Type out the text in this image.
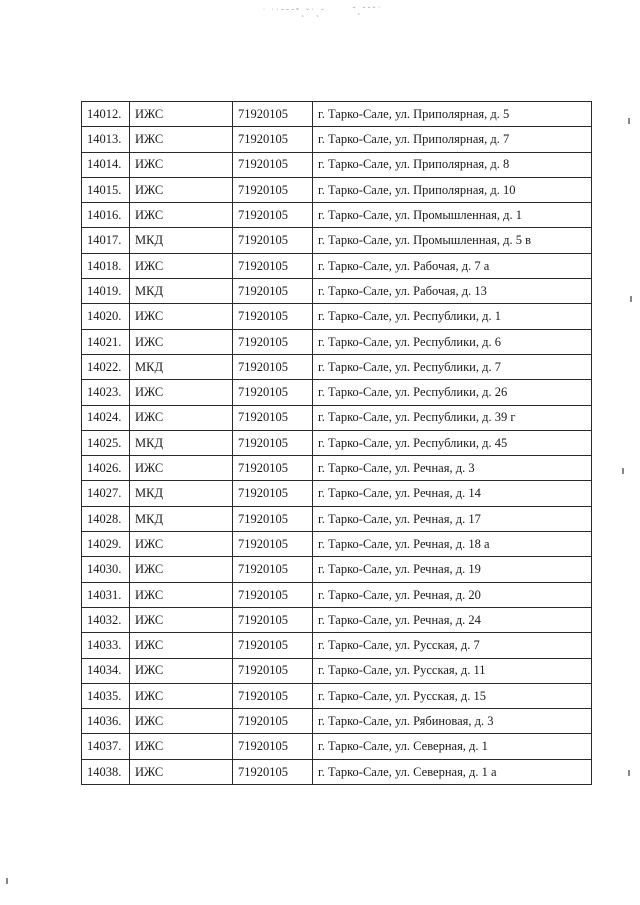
˙ ˙˙˘˜˘˚˛ˇ˙˛˘	˘˛˘˘ˇ˙
14012.	ИЖС	71920105	г. Тарко-Сале, ул. Приполярная, д. 5
14013.	ИЖС	71920105	г. Тарко-Сале, ул. Приполярная, д. 7
14014.	ИЖС	71920105	г. Тарко-Сале, ул. Приполярная, д. 8
14015.	ИЖС	71920105	г. Тарко-Сале, ул. Приполярная, д. 10
14016.	ИЖС	71920105	г. Тарко-Сале, ул. Промышленная, д. 1
14017.	МКД	71920105	г. Тарко-Сале, ул. Промышленная, д. 5 в
14018.	ИЖС	71920105	г. Тарко-Сале, ул. Рабочая, д. 7 а
14019.	МКД	71920105	г. Тарко-Сале, ул. Рабочая, д. 13
14020.	ИЖС	71920105	г. Тарко-Сале, ул. Республики, д. 1
14021.	ИЖС	71920105	г. Тарко-Сале, ул. Республики, д. 6
14022.	МКД	71920105	г. Тарко-Сале, ул. Республики, д. 7
14023.	ИЖС	71920105	г. Тарко-Сале, ул. Республики, д. 26
14024.	ИЖС	71920105	г. Тарко-Сале, ул. Республики, д. 39 г
14025.	МКД	71920105	г. Тарко-Сале, ул. Республики, д. 45
14026.	ИЖС	71920105	г. Тарко-Сале, ул. Речная, д. 3
14027.	МКД	71920105	г. Тарко-Сале, ул. Речная, д. 14
14028.	МКД	71920105	г. Тарко-Сале, ул. Речная, д. 17
14029.	ИЖС	71920105	г. Тарко-Сале, ул. Речная, д. 18 а
14030.	ИЖС	71920105	г. Тарко-Сале, ул. Речная, д. 19
14031.	ИЖС	71920105	г. Тарко-Сале, ул. Речная, д. 20
14032.	ИЖС	71920105	г. Тарко-Сале, ул. Речная, д. 24
14033.	ИЖС	71920105	г. Тарко-Сале, ул. Русская, д. 7
14034.	ИЖС	71920105	г. Тарко-Сале, ул. Русская, д. 11
14035.	ИЖС	71920105	г. Тарко-Сале, ул. Русская, д. 15
14036.	ИЖС	71920105	г. Тарко-Сале, ул. Рябиновая, д. 3
14037.	ИЖС	71920105	г. Тарко-Сале, ул. Северная, д. 1
14038.	ИЖС	71920105	г. Тарко-Сале, ул. Северная, д. 1 а
